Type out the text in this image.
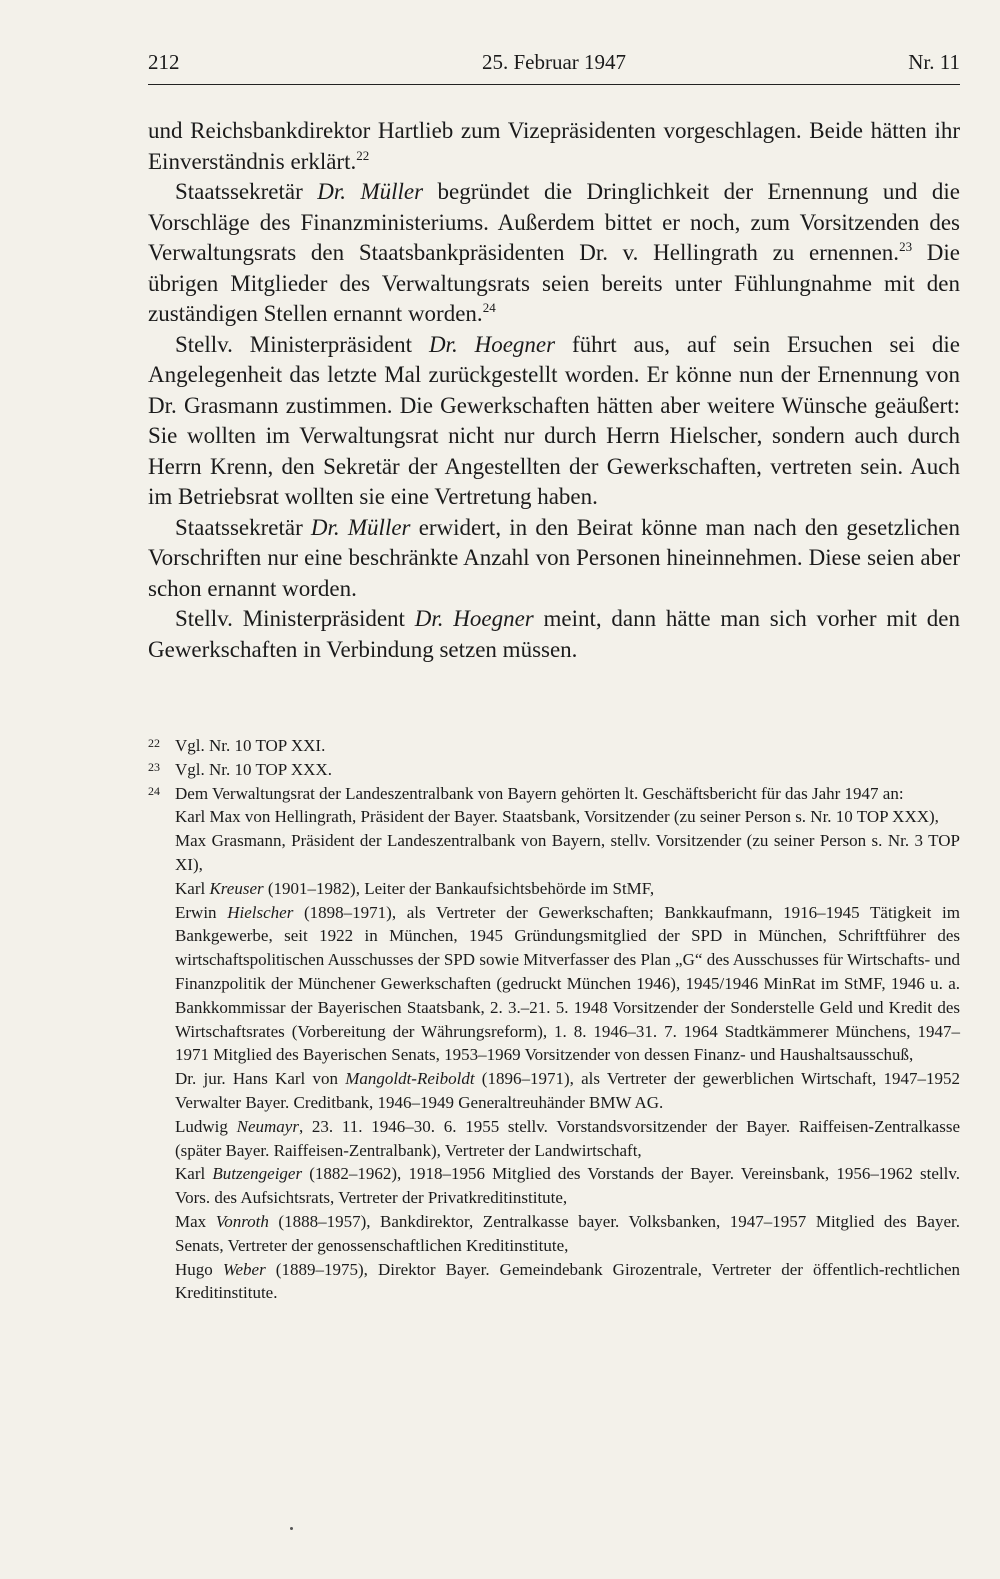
212	25. Februar 1947	Nr. 11

und Reichsbankdirektor Hartlieb zum Vizepräsidenten vorgeschlagen. Beide hätten ihr Einverständnis erklärt.$^{22}$

Staatssekretär Dr. Müller begründet die Dringlichkeit der Ernennung und die Vorschläge des Finanzministeriums. Außerdem bittet er noch, zum Vorsitzenden des Verwaltungsrats den Staatsbankpräsidenten Dr. v. Hellingrath zu ernennen.$^{23}$ Die übrigen Mitglieder des Verwaltungsrats seien bereits unter Fühlungnahme mit den zuständigen Stellen ernannt worden.$^{24}$

Stellv. Ministerpräsident Dr. Hoegner führt aus, auf sein Ersuchen sei die Angelegenheit das letzte Mal zurückgestellt worden. Er könne nun der Ernennung von Dr. Grasmann zustimmen. Die Gewerkschaften hätten aber weitere Wünsche geäußert: Sie wollten im Verwaltungsrat nicht nur durch Herrn Hielscher, sondern auch durch Herrn Krenn, den Sekretär der Angestellten der Gewerkschaften, vertreten sein. Auch im Betriebsrat wollten sie eine Vertretung haben.

Staatssekretär Dr. Müller erwidert, in den Beirat könne man nach den gesetzlichen Vorschriften nur eine beschränkte Anzahl von Personen hineinnehmen. Diese seien aber schon ernannt worden.

Stellv. Ministerpräsident Dr. Hoegner meint, dann hätte man sich vorher mit den Gewerkschaften in Verbindung setzen müssen.

22 Vgl. Nr. 10 TOP XXI.
23 Vgl. Nr. 10 TOP XXX.
24 Dem Verwaltungsrat der Landeszentralbank von Bayern gehörten lt. Geschäftsbericht für das Jahr 1947 an:

Karl Max von Hellingrath, Präsident der Bayer. Staatsbank, Vorsitzender (zu seiner Person s. Nr. 10 TOP XXX),

Max Grasmann, Präsident der Landeszentralbank von Bayern, stellv. Vorsitzender (zu seiner Person s. Nr. 3 TOP XI),

Karl Kreuser (1901–1982), Leiter der Bankaufsichtsbehörde im StMF,

Erwin Hielscher (1898–1971), als Vertreter der Gewerkschaften; Bankkaufmann, 1916–1945 Tätigkeit im Bankgewerbe, seit 1922 in München, 1945 Gründungsmitglied der SPD in München, Schriftführer des wirtschaftspolitischen Ausschusses der SPD sowie Mitverfasser des Plan „G“ des Ausschusses für Wirtschafts- und Finanzpolitik der Münchener Gewerkschaften (gedruckt München 1946), 1945/1946 MinRat im StMF, 1946 u. a. Bankkommissar der Bayerischen Staatsbank, 2. 3.–21. 5. 1948 Vorsitzender der Sonderstelle Geld und Kredit des Wirtschaftsrates (Vorbereitung der Währungsreform), 1. 8. 1946–31. 7. 1964 Stadtkämmerer Münchens, 1947–1971 Mitglied des Bayerischen Senats, 1953–1969 Vorsitzender von dessen Finanz- und Haushaltsausschuß,

Dr. jur. Hans Karl von Mangoldt-Reiboldt (1896–1971), als Vertreter der gewerblichen Wirtschaft, 1947–1952 Verwalter Bayer. Creditbank, 1946–1949 Generaltreuhänder BMW AG.

Ludwig Neumayr, 23. 11. 1946–30. 6. 1955 stellv. Vorstandsvorsitzender der Bayer. Raiffeisen-Zentralkasse (später Bayer. Raiffeisen-Zentralbank), Vertreter der Landwirtschaft,

Karl Butzengeiger (1882–1962), 1918–1956 Mitglied des Vorstands der Bayer. Vereinsbank, 1956–1962 stellv. Vors. des Aufsichtsrats, Vertreter der Privatkreditinstitute,

Max Vonroth (1888–1957), Bankdirektor, Zentralkasse bayer. Volksbanken, 1947–1957 Mitglied des Bayer. Senats, Vertreter der genossenschaftlichen Kreditinstitute,

Hugo Weber (1889–1975), Direktor Bayer. Gemeindebank Girozentrale, Vertreter der öffentlich-rechtlichen Kreditinstitute.
